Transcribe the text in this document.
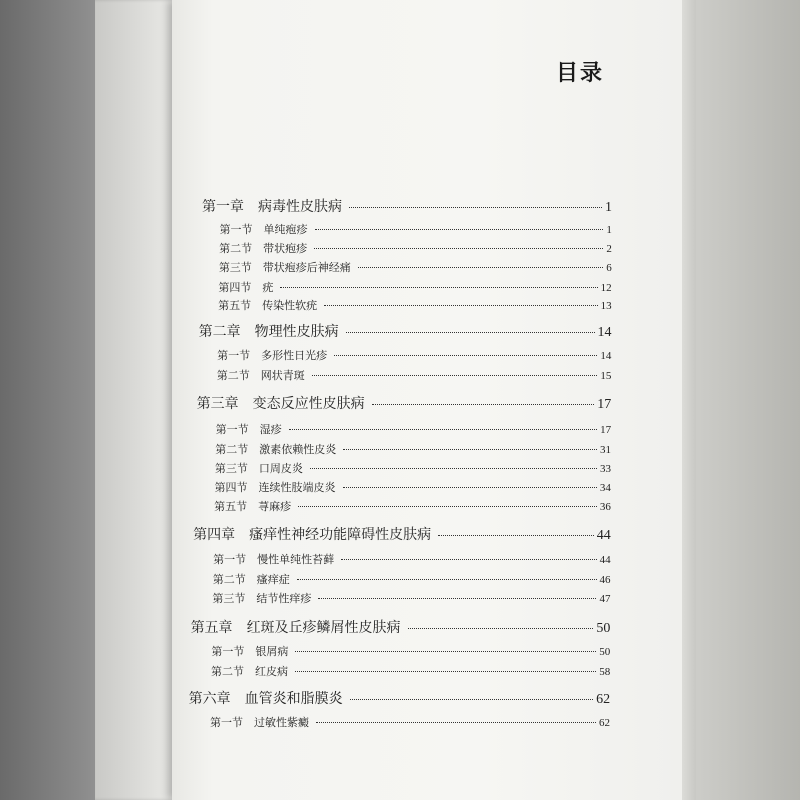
目录
第一章   病毒性皮肤病	1
第一节   单纯疱疹	1
第二节   带状疱疹	2
第三节   带状疱疹后神经痛	6
第四节   疣	12
第五节   传染性软疣	13
第二章   物理性皮肤病	14
第一节   多形性日光疹	14
第二节   网状青斑	15
第三章   变态反应性皮肤病	17
第一节   湿疹	17
第二节   激素依赖性皮炎	31
第三节   口周皮炎	33
第四节   连续性肢端皮炎	34
第五节   荨麻疹	36
第四章   瘙痒性神经功能障碍性皮肤病	44
第一节   慢性单纯性苔藓	44
第二节   瘙痒症	46
第三节   结节性痒疹	47
第五章   红斑及丘疹鳞屑性皮肤病	50
第一节   银屑病	50
第二节   红皮病	58
第六章   血管炎和脂膜炎	62
第一节   过敏性紫癜	62
